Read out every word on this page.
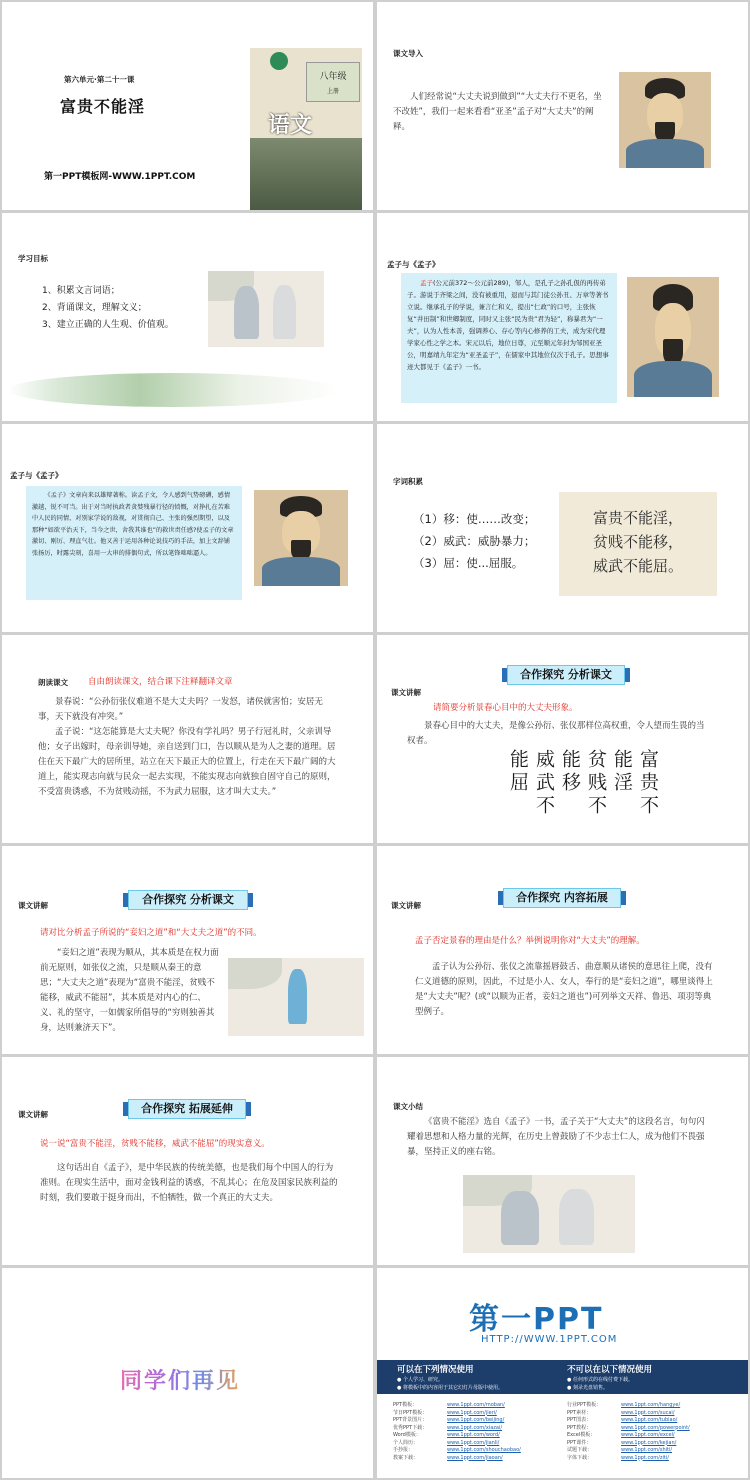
第六单元·第二十一课
富贵不能淫
第一PPT模板网-WWW.1PPT.COM
八年级
上册
语文
课文导入

人们经常说“大丈夫说到做到”“大丈夫行不更名，坐不改姓”，我们一起来看看“亚圣”孟子对“大丈夫”的阐释。

学习目标
1、积累文言词语；
2、背诵课文，理解文义；
3、建立正确的人生观、价值观。
孟子与《孟子》

孟子(公元前372～公元前289)，邹人，是孔子之孙孔伋的再传弟子。游说于齐梁之间，没有被重用，退而与其门徒公孙丑、万章等著书立说。继承孔子的学说，兼言仁和义，提出“仁政”的口号，主张恢复“井田制”和世卿制度，同时又主张“民为贵”君为轻”，称暴君为“一夫”，认为人性本善，强调养心、存心等内心修养的工夫，成为宋代理学家心性之学之本。宋元以后，地位日尊，元至顺元年封为邹国亚圣公，明嘉靖九年定为“亚圣孟子”，在儒家中其地位仅次于孔子。思想事迹大都见于《孟子》一书。

孟子与《孟子》

《孟子》文章向来以雄辩著称。读孟子文，令人感到气势磅礴，感情激越，锐不可当。出于对当时执政者贪婪残暴行径的愤慨，对挣扎在苦难中人民的同情，对别家学说的敌视，对贯彻自己、主张的强烈期望，以及那种“如欲平治天下，当今之世，舍我其谁也”的救世责任感?使孟子的文章激切、刚厉、理直气壮。他又善于运用各种论说技巧的手法，加上文辞铺张扬厉，时露尖刻，喜用一大串的排偶句式，所以笔锋咄咄逼人。

字词积累
（1）移：使……改变；
（2）威武：威胁暴力；
（3）屈：使...屈服。
富贵不能淫，
贫贱不能移，
威武不能屈。
朗读课文 自由朗读课文，结合课下注释翻译文章

景春说：“公孙衍张仪难道不是大丈夫吗？一发怒，诸侯就害怕；安居无事，天下就没有冲突。”

孟子说：“这怎能算是大丈夫呢？你没有学礼吗？男子行冠礼时，父亲训导他；女子出嫁时，母亲训导她，亲自送到门口，告以顺从是为人之妻的道理。居住在天下最广大的居所里，站立在天下最正大的位置上，行走在天下最广阔的大道上，能实现志向就与民众一起去实现，不能实现志向就独自固守自己的原则，不受富贵诱惑，不为贫贱动摇，不为武力屈服，这才叫大丈夫。”

合作探究 分析课文
课文讲解
请简要分析景春心目中的大丈夫形象。

景春心目中的大丈夫，是像公孙衍、张仪那样位高权重，令人望而生畏的当权者。

富贵不能淫 贫贱不能移 威武不能屈
合作探究 分析课文
课文讲解
请对比分析孟子所说的“妾妇之道”和“大丈夫之道”的不同。

“妾妇之道”表现为顺从，其本质是在权力面前无原则，如张仪之流，只是顺从秦王的意思；“大丈夫之道”表现为“富贵不能淫，贫贱不能移，威武不能屈”，其本质是对内心的仁、义、礼的坚守，一如儒家所倡导的“穷则独善其身，达则兼济天下”。

合作探究 内容拓展
课文讲解
孟子否定景春的理由是什么？举例说明你对“大丈夫”的理解。

孟子认为公孙衍、张仪之流靠摇唇鼓舌、曲意顺从诸侯的意思往上爬，没有仁义道德的原则，因此，不过是小人、女人，奉行的是“妾妇之道”，哪里谈得上是“大丈夫”呢？(或“以顺为正者，妾妇之道也”)可列举文天祥、鲁迅、项羽等典型例子。

合作探究 拓展延伸
课文讲解
说一说“富贵不能淫，贫贱不能移，威武不能屈”的现实意义。

这句话出自《孟子》，是中华民族的传统美德，也是我们每个中国人的行为准则。在现实生活中，面对金钱利益的诱惑，不乱其心；在危及国家民族利益的时刻，我们要敢于挺身而出，不怕牺牲，做一个真正的大丈夫。

课文小结

《富贵不能淫》选自《孟子》一书，孟子关于“大丈夫”的这段名言，句句闪耀着思想和人格力量的光辉，在历史上曾鼓励了不少志士仁人，成为他们不畏强暴，坚持正义的座右铭。

同学们再见
第一PPT
HTTP://WWW.1PPT.COM
可以在下列情况使用
● 个人学习、研究。
● 将模板中的内容用于其它幻灯片母版中使用。
不可以在以下情况使用
● 任何形式的在线付费下载。
● 刻录光盘销售。
PPT模板：	www.1ppt.com/moban/
节日PPT模板：	www.1ppt.com/jieri/
PPT背景图片：	www.1ppt.com/beijing/
优秀PPT下载：	www.1ppt.com/xiazai/
Word模板：	www.1ppt.com/word/
个人简历：	www.1ppt.com/jianli/
手抄报：	www.1ppt.com/shouchaobao/
教案下载：	www.1ppt.com/jiaoan/
行业PPT模板：	www.1ppt.com/hangye/
PPT素材：	www.1ppt.com/sucai/
PPT图表：	www.1ppt.com/tubiao/
PPT教程：	www.1ppt.com/powerpoint/
Excel模板：	www.1ppt.com/excel/
PPT课件：	www.1ppt.com/kejian/
试题下载：	www.1ppt.com/shiti/
字体下载：	www.1ppt.com/ziti/
